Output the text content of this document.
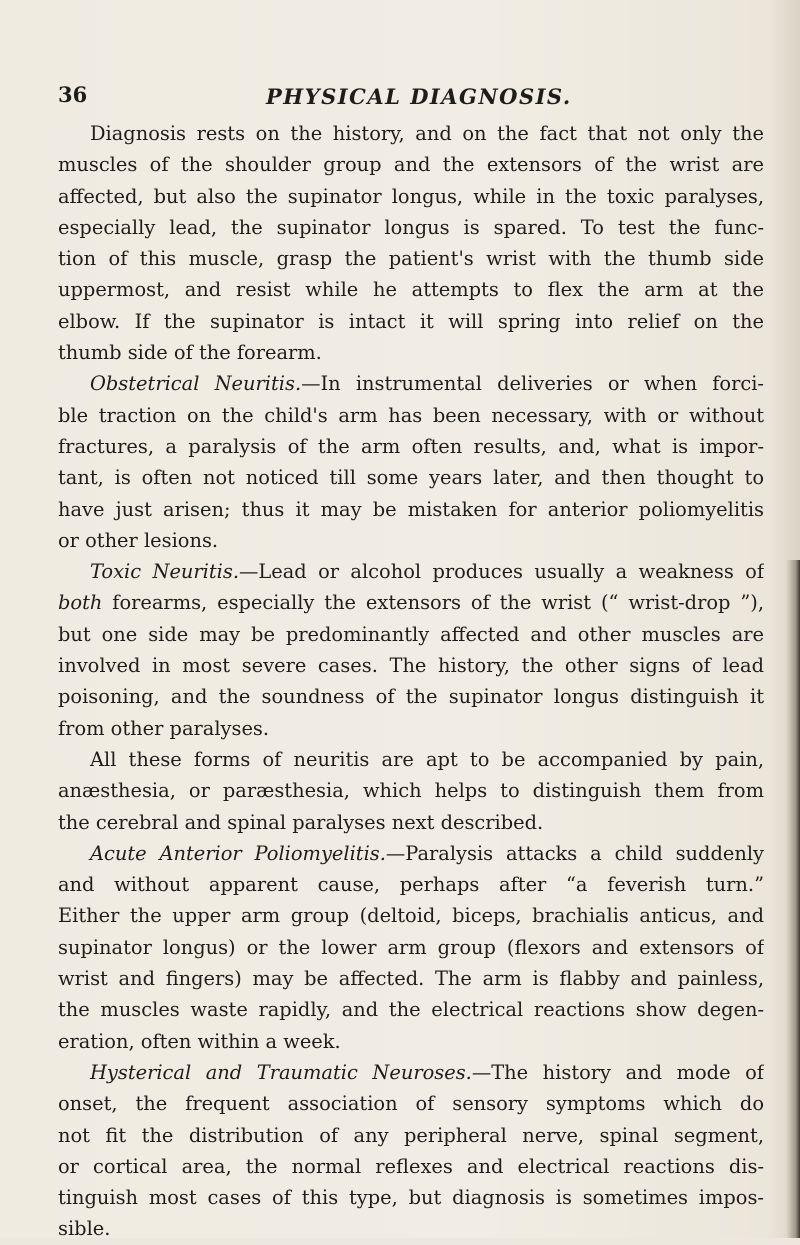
36	PHYSICAL DIAGNOSIS.
Diagnosis rests on the history, and on the fact that not only the
muscles of the shoulder group and the extensors of the wrist are
affected, but also the supinator longus, while in the toxic paralyses,
especially lead, the supinator longus is spared. To test the func-
tion of this muscle, grasp the patient's wrist with the thumb side
uppermost, and resist while he attempts to flex the arm at the
elbow. If the supinator is intact it will spring into relief on the
thumb side of the forearm.
Obstetrical Neuritis.—In instrumental deliveries or when forci-
ble traction on the child's arm has been necessary, with or without
fractures, a paralysis of the arm often results, and, what is impor-
tant, is often not noticed till some years later, and then thought to
have just arisen; thus it may be mistaken for anterior poliomyelitis
or other lesions.
Toxic Neuritis.—Lead or alcohol produces usually a weakness of
both forearms, especially the extensors of the wrist (“ wrist-drop ”),
but one side may be predominantly affected and other muscles are
involved in most severe cases. The history, the other signs of lead
poisoning, and the soundness of the supinator longus distinguish it
from other paralyses.
All these forms of neuritis are apt to be accompanied by pain,
anæsthesia, or paræsthesia, which helps to distinguish them from
the cerebral and spinal paralyses next described.
Acute Anterior Poliomyelitis.—Paralysis attacks a child suddenly
and without apparent cause, perhaps after “a feverish turn.”
Either the upper arm group (deltoid, biceps, brachialis anticus, and
supinator longus) or the lower arm group (flexors and extensors of
wrist and fingers) may be affected. The arm is flabby and painless,
the muscles waste rapidly, and the electrical reactions show degen-
eration, often within a week.
Hysterical and Traumatic Neuroses.—The history and mode of
onset, the frequent association of sensory symptoms which do
not fit the distribution of any peripheral nerve, spinal segment,
or cortical area, the normal reflexes and electrical reactions dis-
tinguish most cases of this type, but diagnosis is sometimes impos-
sible.
